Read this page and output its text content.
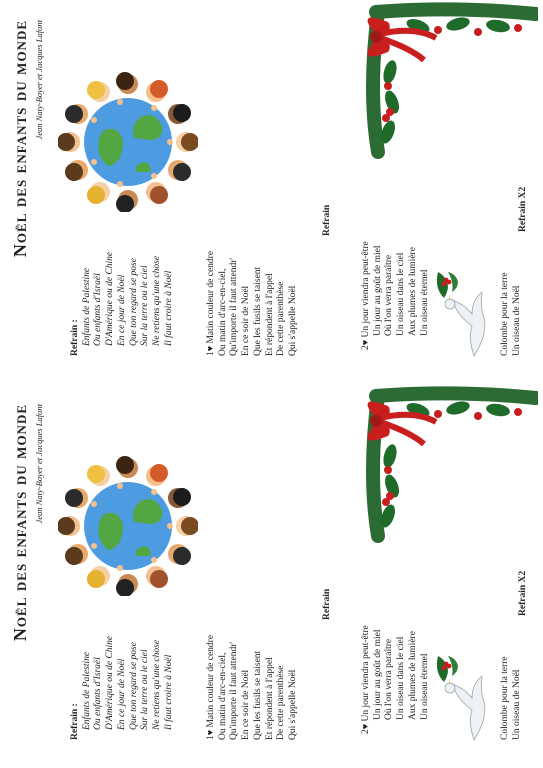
Noël des enfants du monde Jean Naty-Boyer et Jacques Lafont
Refrain : Enfants de Palestine Ou enfants d'Israël D'Amérique ou de Chine En ce jour de Noël Que ton regard se pose Sur la terre ou le ciel Ne retiens qu'une chose Il faut croire à Noël
1♥ Matin couleur de cendre Ou matin d'arc-en-ciel, Qu'importe il faut attendr' En ce soir de Noël Que les fusils se taisent Et répondent à l'appel De cette parenthèse Qui s'appelle Noël
Refrain
2♥ Un jour viendra peut-être Un jour au goût de miel Où l'on verra paraître Un oiseau dans le ciel Aux plumes de lumière Un oiseau éternel	Colombe pour la terre Un oiseau de Noël
Refrain X2
Noël des enfants du monde Jean Naty-Boyer et Jacques Lafont
Refrain : Enfants de Palestine Ou enfants d'Israël D'Amérique ou de Chine En ce jour de Noël Que ton regard se pose Sur la terre ou le ciel Ne retiens qu'une chose Il faut croire à Noël
1♥ Matin couleur de cendre Ou matin d'arc-en-ciel, Qu'importe il faut attendr' En ce soir de Noël Que les fusils se taisent Et répondent à l'appel De cette parenthèse Qui s'appelle Noël
Refrain
2♥ Un jour viendra peut-être Un jour au goût de miel Où l'on verra paraître Un oiseau dans le ciel Aux plumes de lumière Un oiseau éternel	Colombe pour la terre Un oiseau de Noël
Refrain X2
